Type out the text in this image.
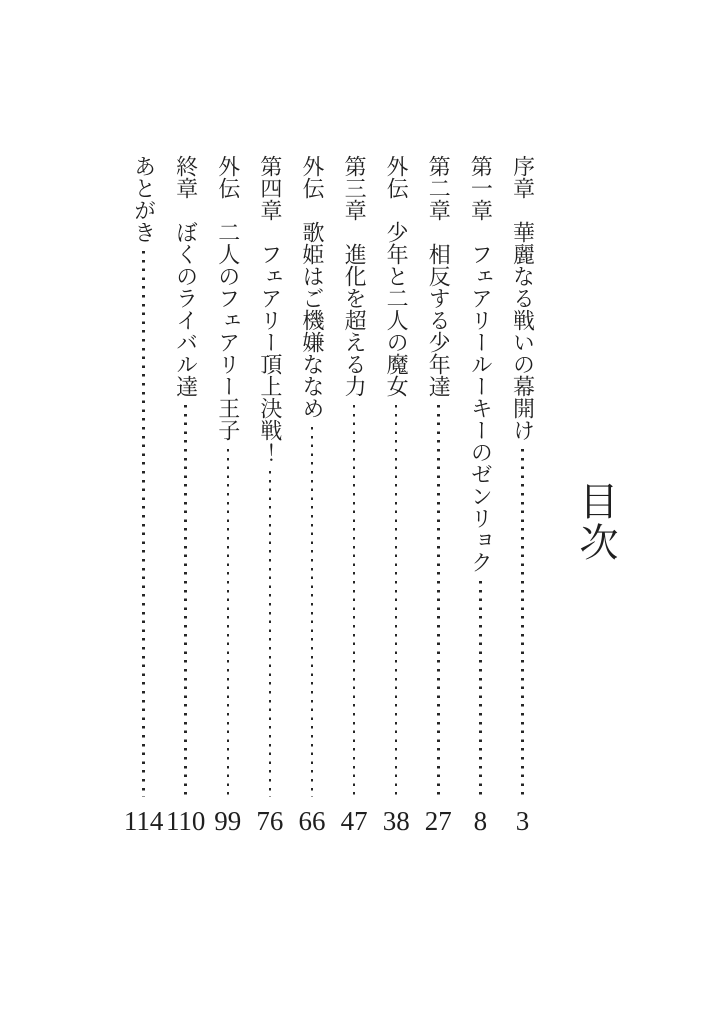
目次
序章　華麗なる戦いの幕開け
3
第一章　フェアリールーキーのゼンリョク
8
第二章　相反する少年達
27
外伝　少年と二人の魔女
38
第三章　進化を超える力
47
外伝　歌姫はご機嫌ななめ
66
第四章　フェアリー頂上決戦！
76
外伝　二人のフェアリー王子
99
終章　ぼくのライバル達
110
あとがき
114
